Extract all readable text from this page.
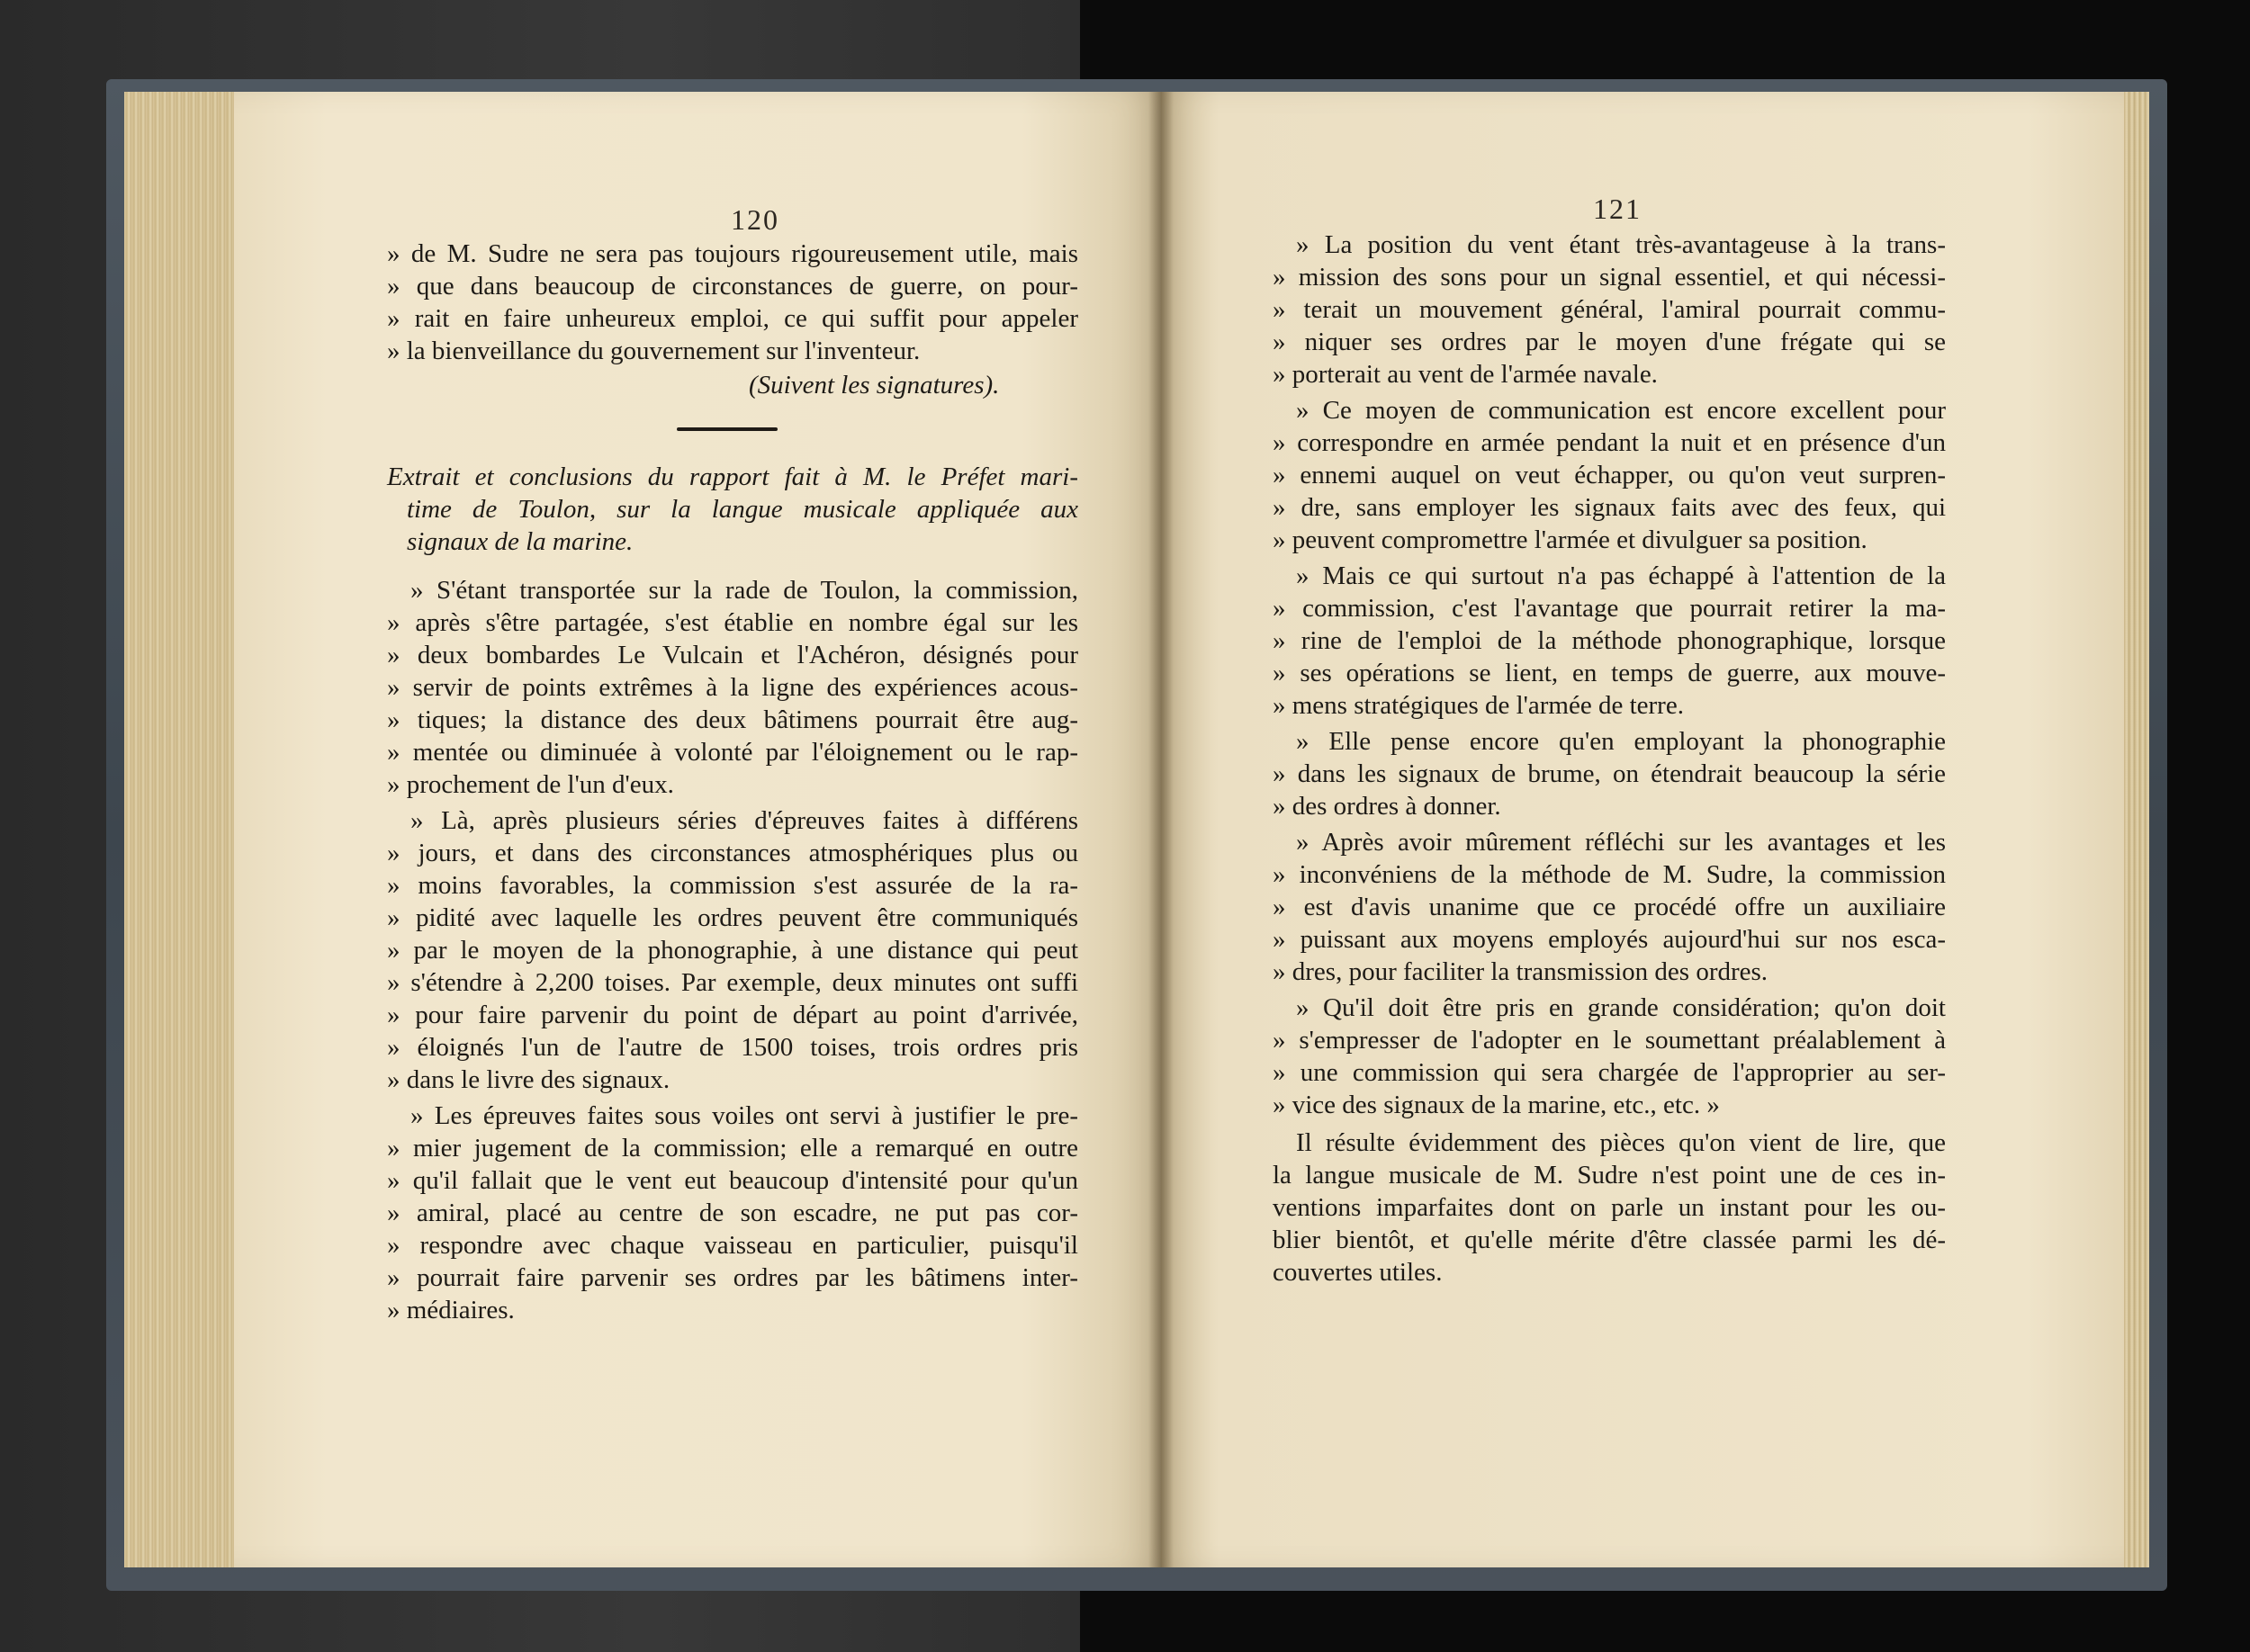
120
» de M. Sudre ne sera pas toujours rigoureusement utile, mais
» que dans beaucoup de circonstances de guerre, on pour-
» rait en faire unheureux emploi, ce qui suffit pour appeler
» la bienveillance du gouvernement sur l'inventeur.
(Suivent les signatures).
Extrait et conclusions du rapport fait à M. le Préfet mari-
time de Toulon, sur la langue musicale appliquée aux
signaux de la marine.
» S'étant transportée sur la rade de Toulon, la commission,
» après s'être partagée, s'est établie en nombre égal sur les
» deux bombardes Le Vulcain et l'Achéron, désignés pour
» servir de points extrêmes à la ligne des expériences acous-
» tiques; la distance des deux bâtimens pourrait être aug-
» mentée ou diminuée à volonté par l'éloignement ou le rap-
» prochement de l'un d'eux.
» Là, après plusieurs séries d'épreuves faites à différens
» jours, et dans des circonstances atmosphériques plus ou
» moins favorables, la commission s'est assurée de la ra-
» pidité avec laquelle les ordres peuvent être communiqués
» par le moyen de la phonographie, à une distance qui peut
» s'étendre à 2,200 toises. Par exemple, deux minutes ont suffi
» pour faire parvenir du point de départ au point d'arrivée,
» éloignés l'un de l'autre de 1500 toises, trois ordres pris
» dans le livre des signaux.
» Les épreuves faites sous voiles ont servi à justifier le pre-
» mier jugement de la commission; elle a remarqué en outre
» qu'il fallait que le vent eut beaucoup d'intensité pour qu'un
» amiral, placé au centre de son escadre, ne put pas cor-
» respondre avec chaque vaisseau en particulier, puisqu'il
» pourrait faire parvenir ses ordres par les bâtimens inter-
» médiaires.
121
» La position du vent étant très-avantageuse à la trans-
» mission des sons pour un signal essentiel, et qui nécessi-
» terait un mouvement général, l'amiral pourrait commu-
» niquer ses ordres par le moyen d'une frégate qui se
» porterait au vent de l'armée navale.
» Ce moyen de communication est encore excellent pour
» correspondre en armée pendant la nuit et en présence d'un
» ennemi auquel on veut échapper, ou qu'on veut surpren-
» dre, sans employer les signaux faits avec des feux, qui
» peuvent compromettre l'armée et divulguer sa position.
» Mais ce qui surtout n'a pas échappé à l'attention de la
» commission, c'est l'avantage que pourrait retirer la ma-
» rine de l'emploi de la méthode phonographique, lorsque
» ses opérations se lient, en temps de guerre, aux mouve-
» mens stratégiques de l'armée de terre.
» Elle pense encore qu'en employant la phonographie
» dans les signaux de brume, on étendrait beaucoup la série
» des ordres à donner.
» Après avoir mûrement réfléchi sur les avantages et les
» inconvéniens de la méthode de M. Sudre, la commission
» est d'avis unanime que ce procédé offre un auxiliaire
» puissant aux moyens employés aujourd'hui sur nos esca-
» dres, pour faciliter la transmission des ordres.
» Qu'il doit être pris en grande considération; qu'on doit
» s'empresser de l'adopter en le soumettant préalablement à
» une commission qui sera chargée de l'approprier au ser-
» vice des signaux de la marine, etc., etc. »
Il résulte évidemment des pièces qu'on vient de lire, que
la langue musicale de M. Sudre n'est point une de ces in-
ventions imparfaites dont on parle un instant pour les ou-
blier bientôt, et qu'elle mérite d'être classée parmi les dé-
couvertes utiles.
